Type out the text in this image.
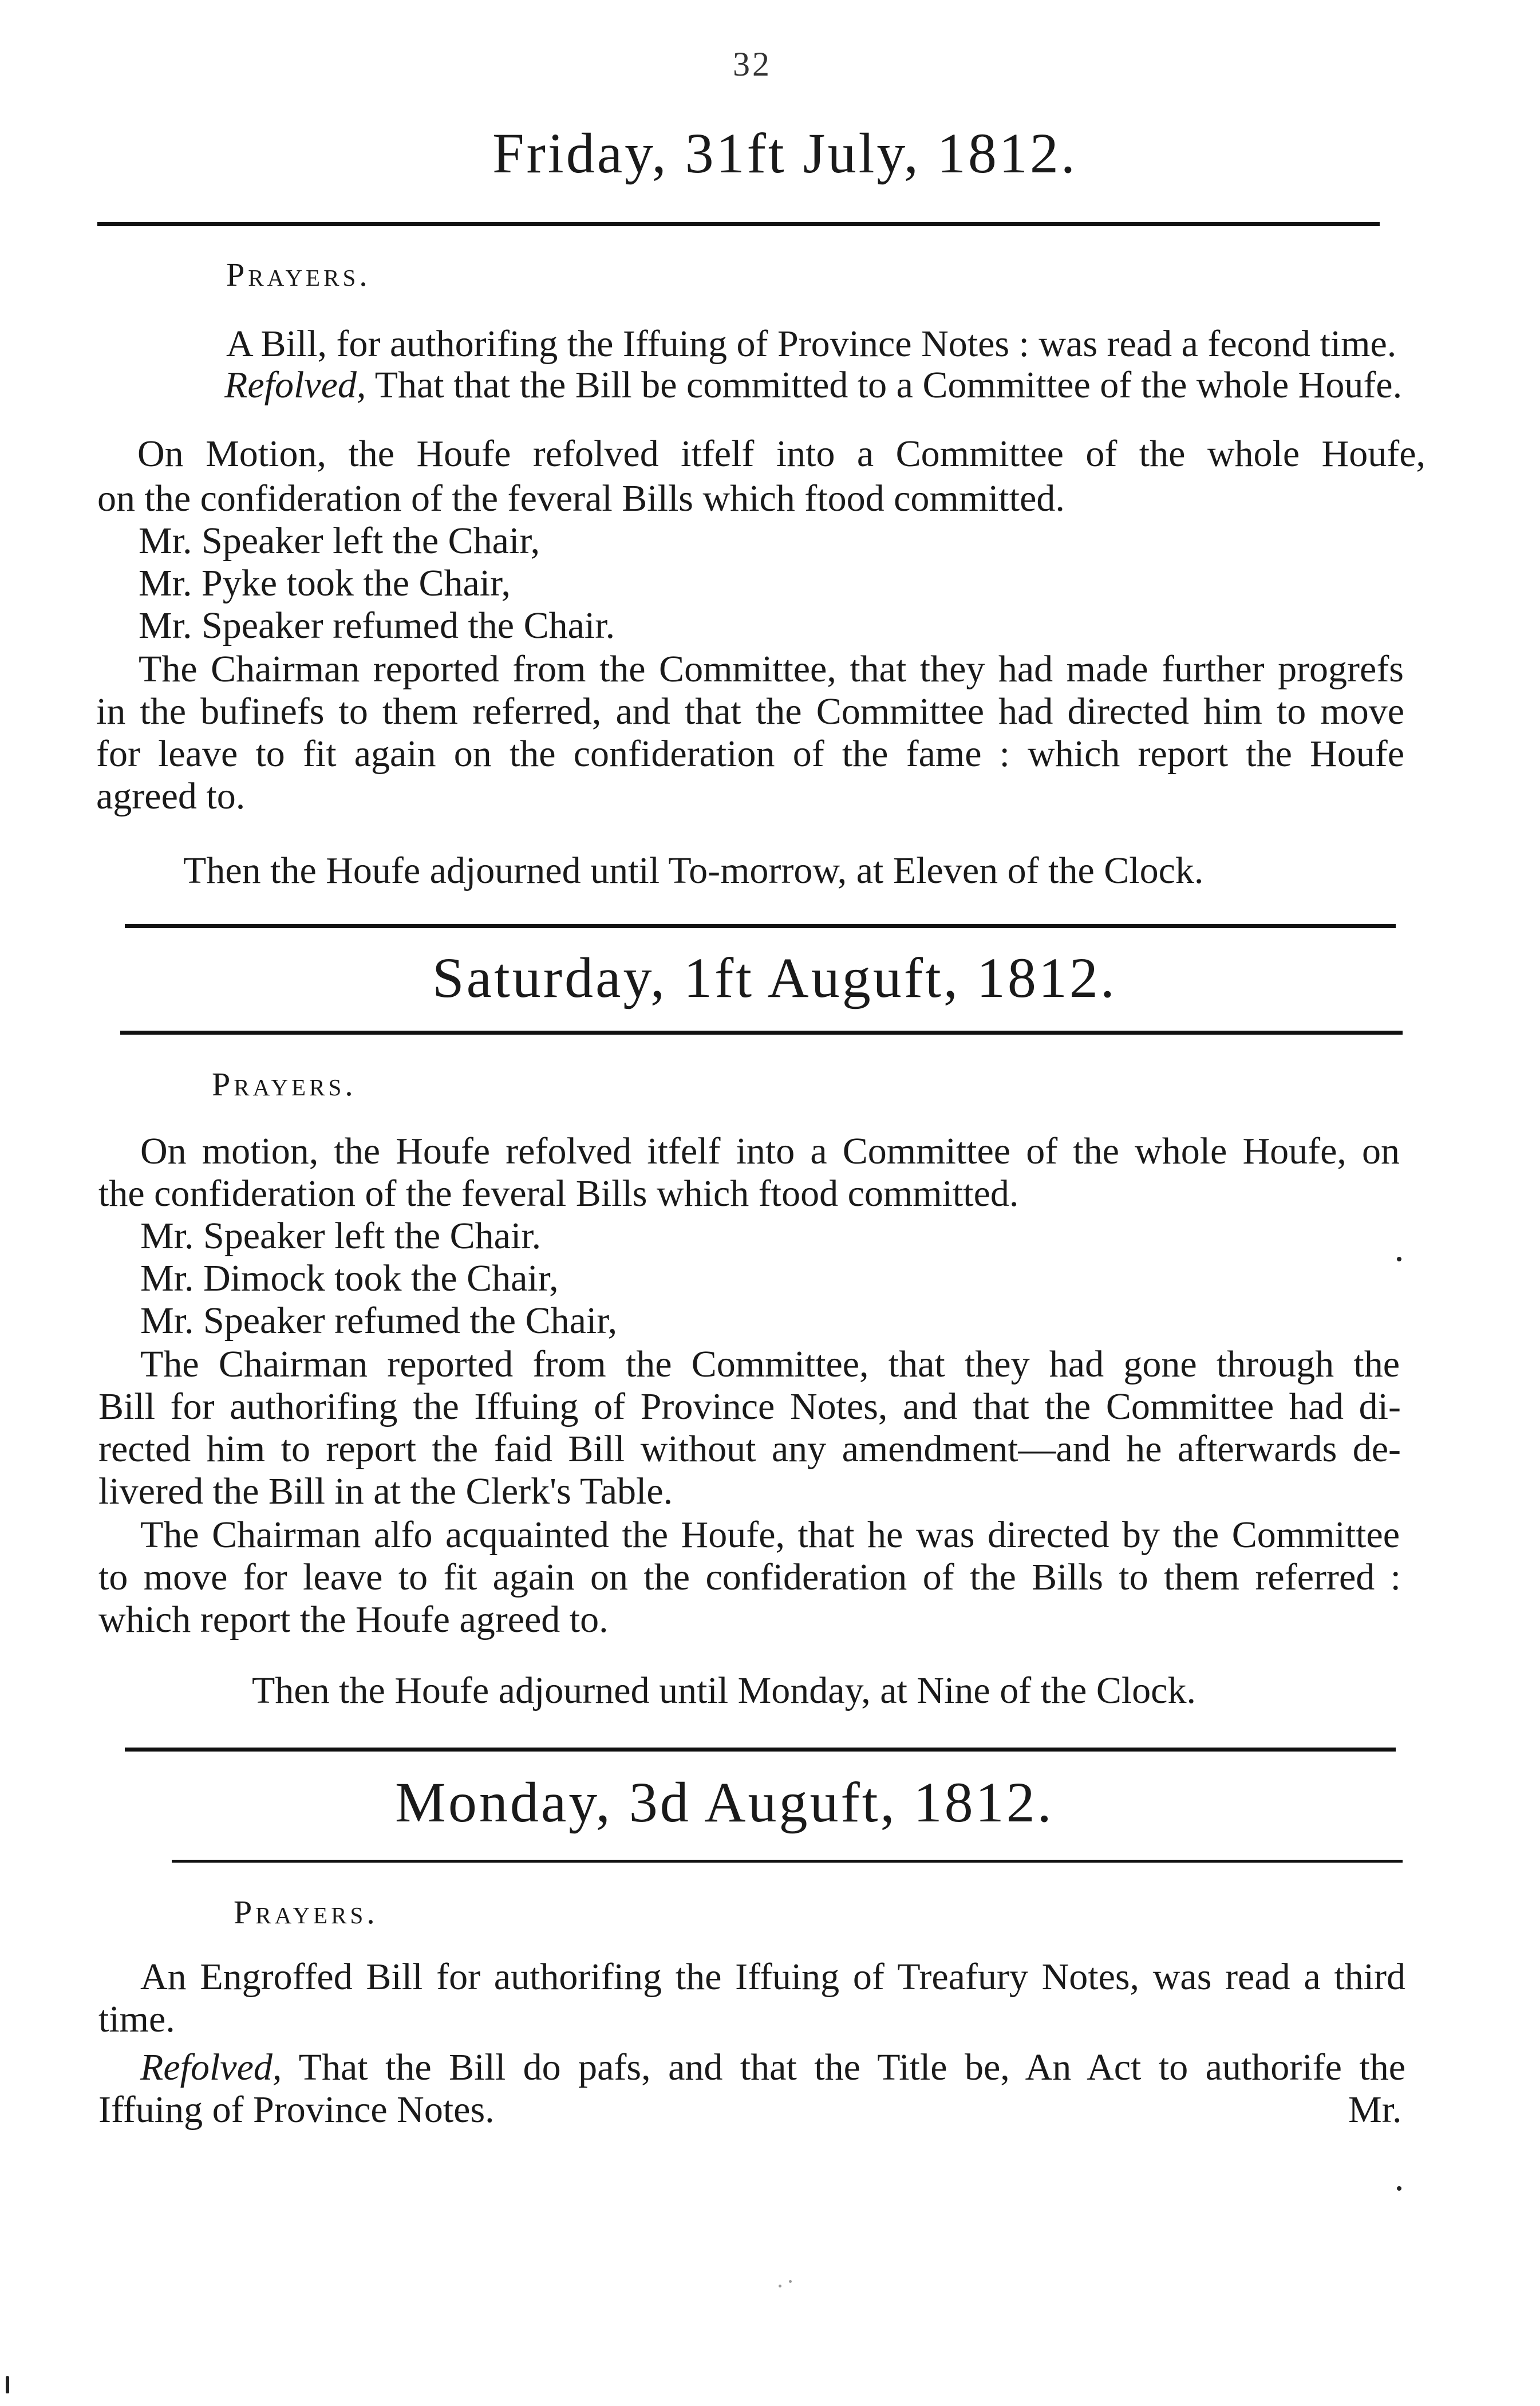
32
Friday, 31ft July, 1812.
Prayers.
A Bill, for authorifing the Iffuing of Province Notes : was read a fecond time.
Refolved, That that the Bill be committed to a Committee of the whole Houfe.
On Motion, the Houfe refolved itfelf into a Committee of the whole Houfe,
on the confideration of the feveral Bills which ftood committed.
Mr. Speaker left the Chair,
Mr. Pyke took the Chair,
Mr. Speaker refumed the Chair.
The Chairman reported from the Committee, that they had made further progrefs
in the bufinefs to them referred, and that the Committee had directed him to move
for leave to fit again on the confideration of the fame : which report the Houfe
agreed to.
Then the Houfe adjourned until To-morrow, at Eleven of the Clock.
Saturday, 1ft Auguft, 1812.
Prayers.
On motion, the Houfe refolved itfelf into a Committee of the whole Houfe, on
the confideration of the feveral Bills which ftood committed.
Mr. Speaker left the Chair.
Mr. Dimock took the Chair,
Mr. Speaker refumed the Chair,
The Chairman reported from the Committee, that they had gone through the
Bill for authorifing the Iffuing of Province Notes, and that the Committee had di-
rected him to report the faid Bill without any amendment—and he afterwards de-
livered the Bill in at the Clerk's Table.
The Chairman alfo acquainted the Houfe, that he was directed by the Committee
to move for leave to fit again on the confideration of the Bills to them referred :
which report the Houfe agreed to.
Then the Houfe adjourned until Monday, at Nine of the Clock.
Monday, 3d Auguft, 1812.
Prayers.
An Engroffed Bill for authorifing the Iffuing of Treafury Notes, was read a third
time.
Refolved, That the Bill do pafs, and that the Title be, An Act to authorife the
Iffuing of Province Notes.	Mr.
